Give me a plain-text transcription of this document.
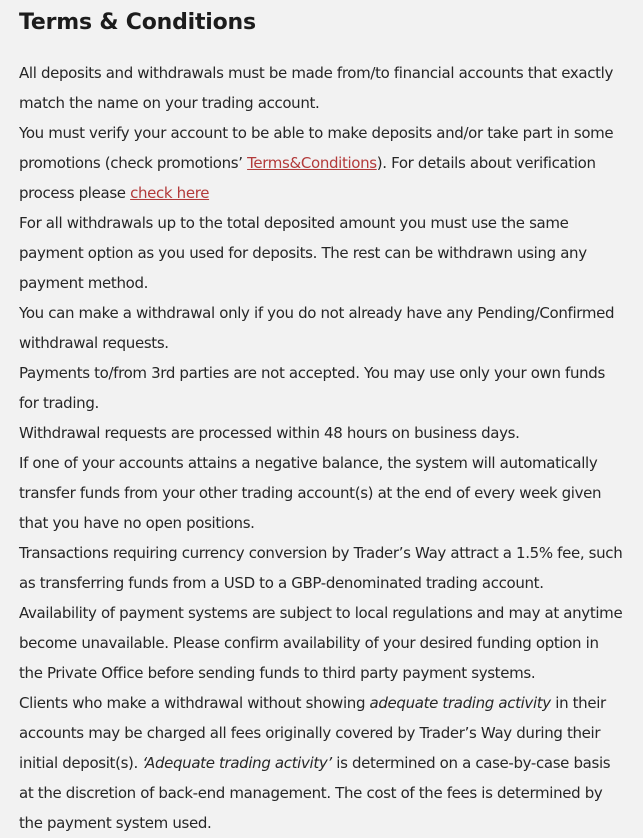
Terms & Conditions

All deposits and withdrawals must be made from/to financial accounts that exactly match the name on your trading account.

You must verify your account to be able to make deposits and/or take part in some promotions (check promotions’ Terms&Conditions). For details about verification process please check here

For all withdrawals up to the total deposited amount you must use the same payment option as you used for deposits. The rest can be withdrawn using any payment method.

You can make a withdrawal only if you do not already have any Pending/Confirmed withdrawal requests.

Payments to/from 3rd parties are not accepted. You may use only your own funds for trading.

Withdrawal requests are processed within 48 hours on business days.

If one of your accounts attains a negative balance, the system will automatically transfer funds from your other trading account(s) at the end of every week given that you have no open positions.

Transactions requiring currency conversion by Trader’s Way attract a 1.5% fee, such as transferring funds from a USD to a GBP-denominated trading account.

Availability of payment systems are subject to local regulations and may at anytime become unavailable. Please confirm availability of your desired funding option in the Private Office before sending funds to third party payment systems.

Clients who make a withdrawal without showing adequate trading activity in their accounts may be charged all fees originally covered by Trader’s Way during their initial deposit(s). ‘Adequate trading activity’ is determined on a case-by-case basis at the discretion of back-end management. The cost of the fees is determined by the payment system used.
